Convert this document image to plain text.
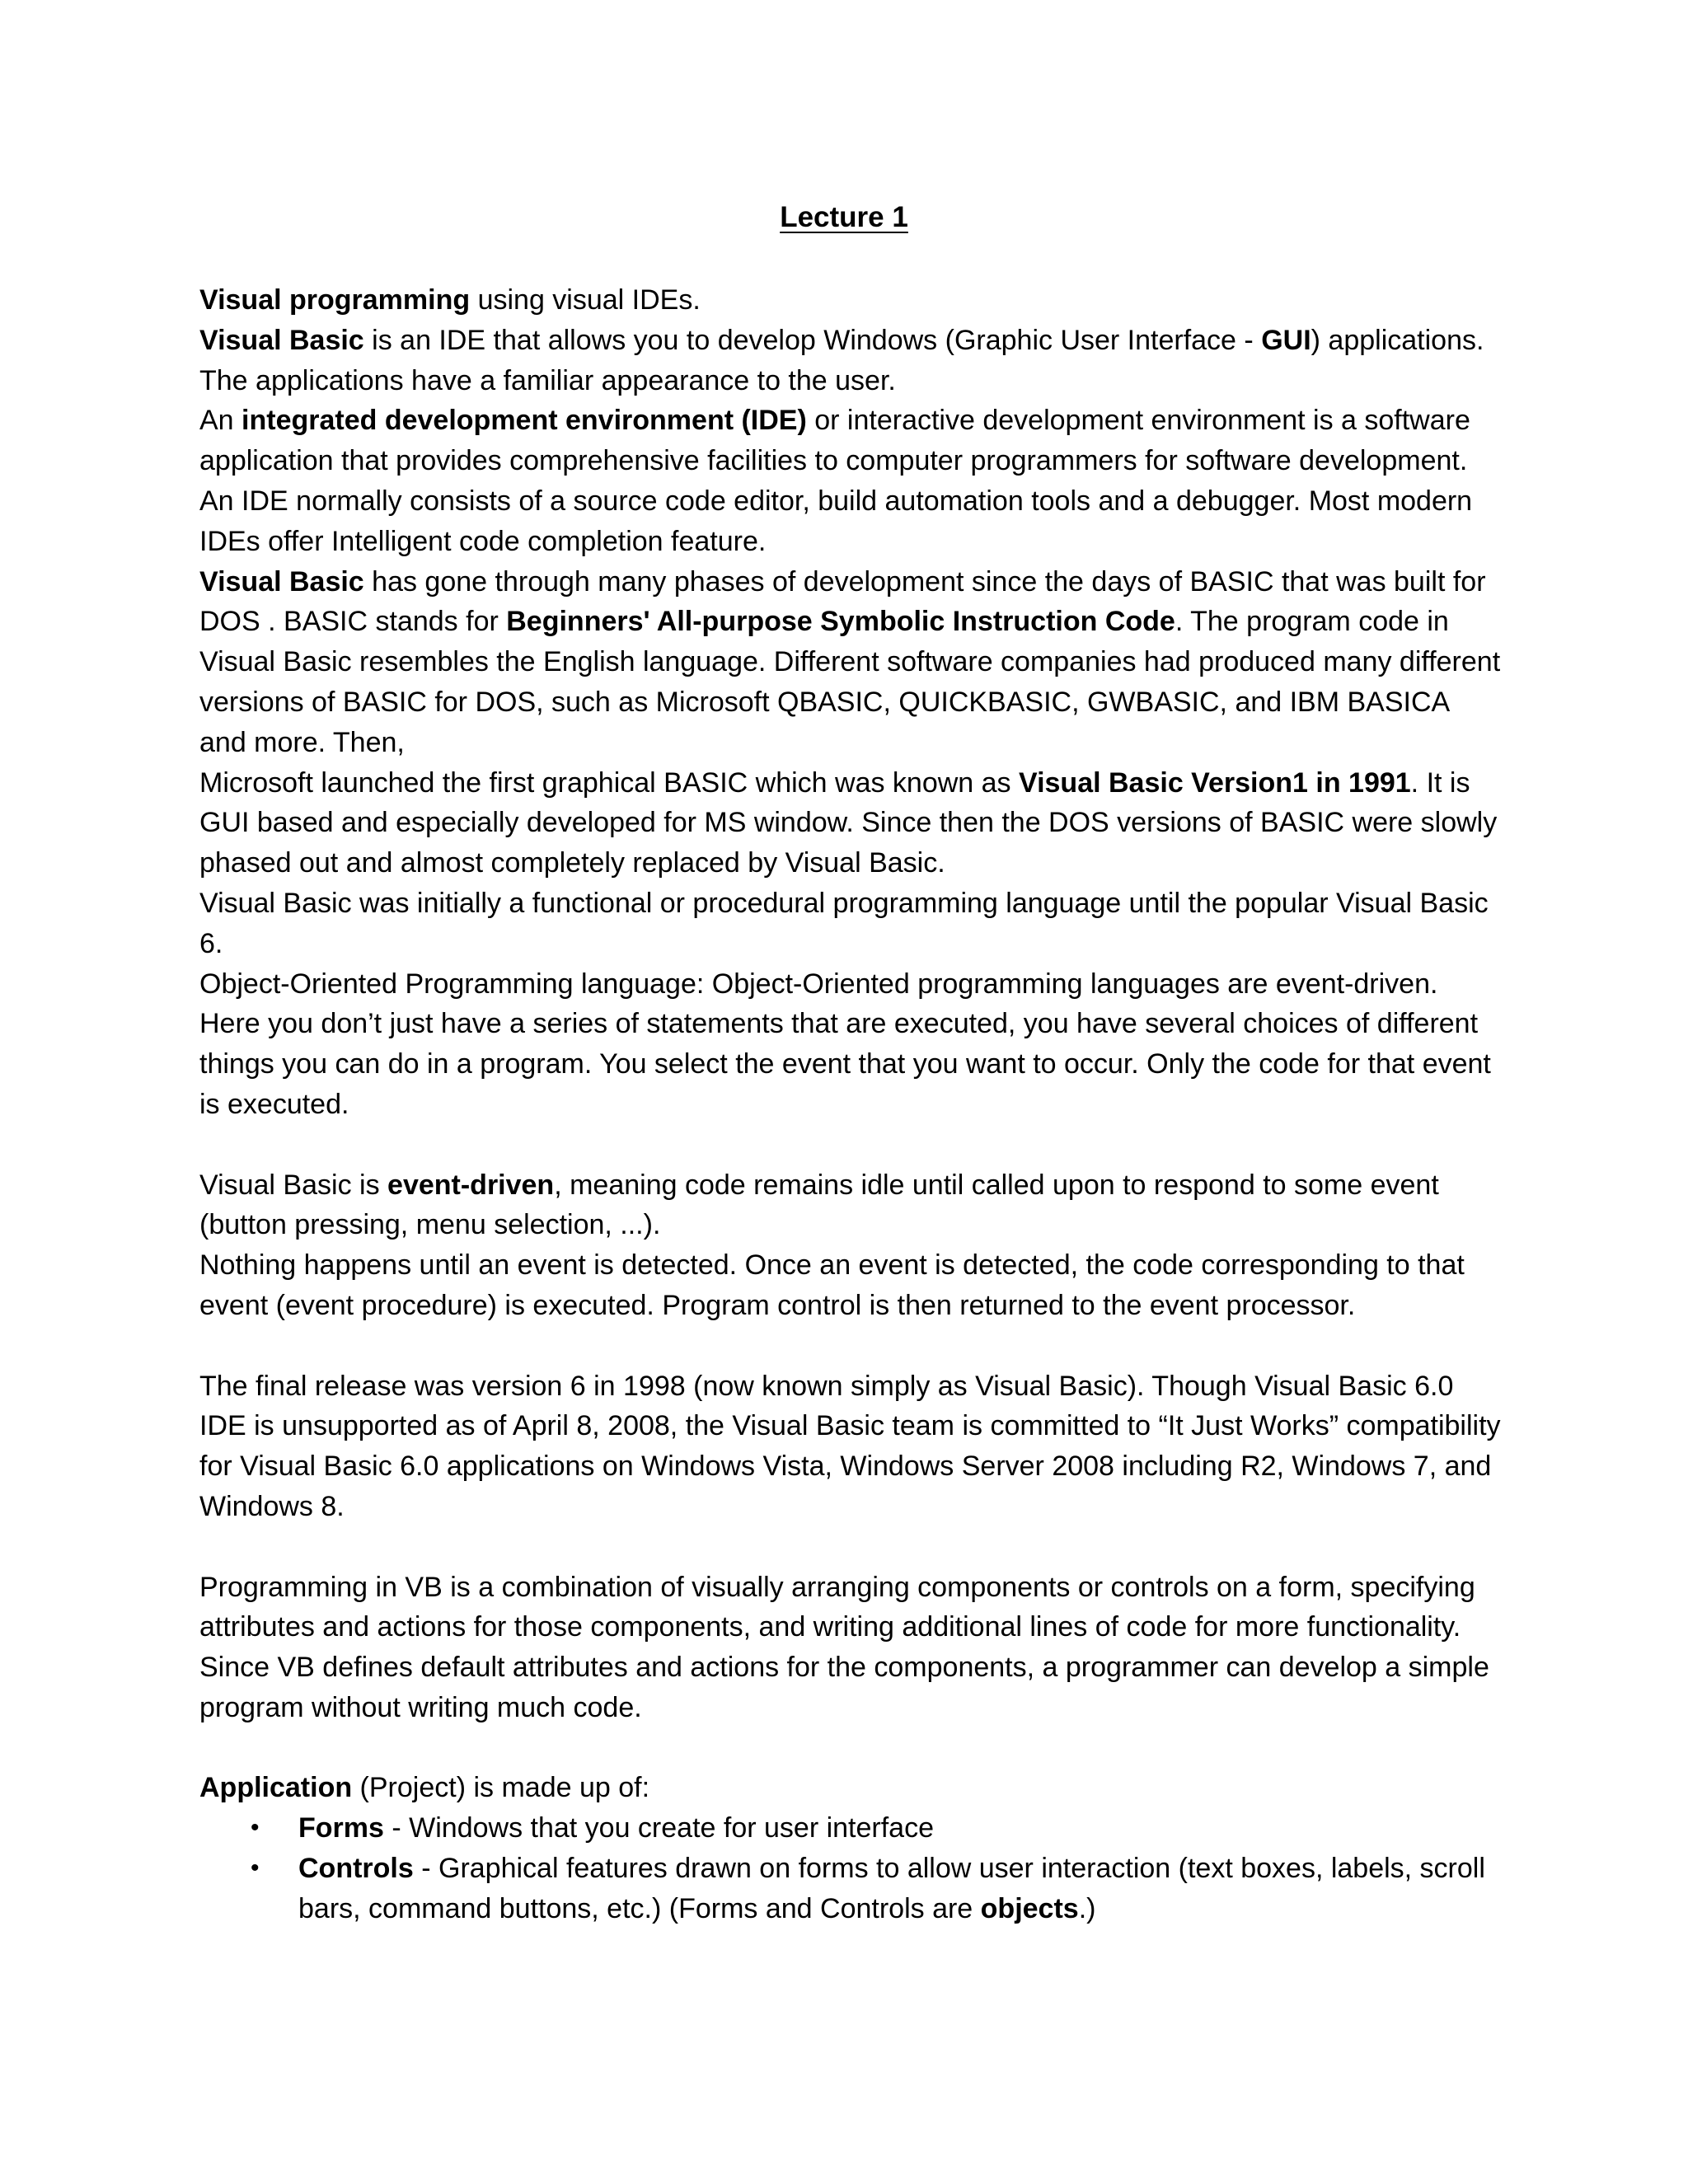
Lecture 1

Visual programming using visual IDEs.

Visual Basic is an IDE that allows you to develop Windows (Graphic User Interface - GUI) applications. The applications have a familiar appearance to the user.

An integrated development environment (IDE) or interactive development environment is a software application that provides comprehensive facilities to computer programmers for software development. An IDE normally consists of a source code editor, build automation tools and a debugger. Most modern IDEs offer Intelligent code completion feature.

Visual Basic has gone through many phases of development since the days of BASIC that was built for DOS . BASIC stands for Beginners' All-purpose Symbolic Instruction Code. The program code in Visual Basic resembles the English language. Different software companies had produced many different versions of BASIC for DOS, such as Microsoft QBASIC, QUICKBASIC, GWBASIC, and IBM BASICA and more. Then,

Microsoft launched the first graphical BASIC which was known as Visual Basic Version1 in 1991. It is GUI based and especially developed for MS window. Since then the DOS versions of BASIC were slowly phased out and almost completely replaced by Visual Basic.

Visual Basic was initially a functional or procedural programming language until the popular Visual Basic 6.

Object-Oriented Programming language: Object-Oriented programming languages are event-driven. Here you don’t just have a series of statements that are executed, you have several choices of different things you can do in a program. You select the event that you want to occur. Only the code for that event is executed.

Visual Basic is event-driven, meaning code remains idle until called upon to respond to some event (button pressing, menu selection, ...).

Nothing happens until an event is detected. Once an event is detected, the code corresponding to that event (event procedure) is executed. Program control is then returned to the event processor.

The final release was version 6 in 1998 (now known simply as Visual Basic). Though Visual Basic 6.0 IDE is unsupported as of April 8, 2008, the Visual Basic team is committed to “It Just Works” compatibility for Visual Basic 6.0 applications on Windows Vista, Windows Server 2008 including R2, Windows 7, and Windows 8.

Programming in VB is a combination of visually arranging components or controls on a form, specifying attributes and actions for those components, and writing additional lines of code for more functionality. Since VB defines default attributes and actions for the components, a programmer can develop a simple program without writing much code.

Application (Project) is made up of:

• Forms - Windows that you create for user interface
• Controls - Graphical features drawn on forms to allow user interaction (text boxes, labels, scroll bars, command buttons, etc.) (Forms and Controls are objects.)
